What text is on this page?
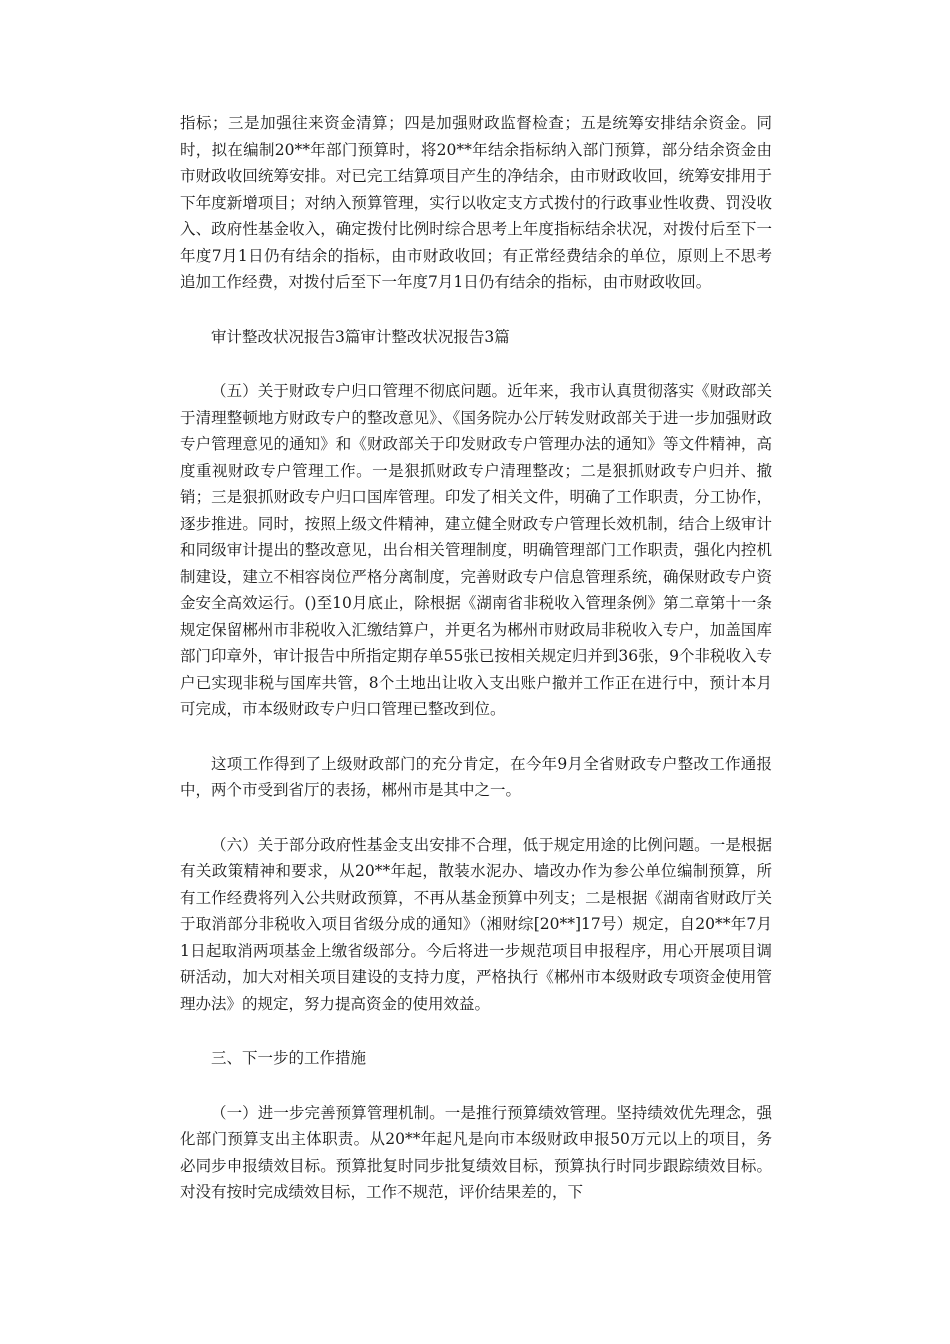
指标；三是加强往来资金清算；四是加强财政监督检查；五是统筹安排结余资金。同时，拟在编制20**年部门预算时，将20**年结余指标纳入部门预算，部分结余资金由市财政收回统筹安排。对已完工结算项目产生的净结余，由市财政收回，统筹安排用于下年度新增项目；对纳入预算管理，实行以收定支方式拨付的行政事业性收费、罚没收入、政府性基金收入，确定拨付比例时综合思考上年度指标结余状况，对拨付后至下一年度7月1日仍有结余的指标，由市财政收回；有正常经费结余的单位，原则上不思考追加工作经费，对拨付后至下一年度7月1日仍有结余的指标，由市财政收回。

审计整改状况报告3篇审计整改状况报告3篇

（五）关于财政专户归口管理不彻底问题。近年来，我市认真贯彻落实《财政部关于清理整顿地方财政专户的整改意见》、《国务院办公厅转发财政部关于进一步加强财政专户管理意见的通知》和《财政部关于印发财政专户管理办法的通知》等文件精神，高度重视财政专户管理工作。一是狠抓财政专户清理整改；二是狠抓财政专户归并、撤销；三是狠抓财政专户归口国库管理。印发了相关文件，明确了工作职责，分工协作，逐步推进。同时，按照上级文件精神，建立健全财政专户管理长效机制，结合上级审计和同级审计提出的整改意见，出台相关管理制度，明确管理部门工作职责，强化内控机制建设，建立不相容岗位严格分离制度，完善财政专户信息管理系统，确保财政专户资金安全高效运行。()至10月底止，除根据《湖南省非税收入管理条例》第二章第十一条规定保留郴州市非税收入汇缴结算户，并更名为郴州市财政局非税收入专户，加盖国库部门印章外，审计报告中所指定期存单55张已按相关规定归并到36张，9个非税收入专户已实现非税与国库共管，8个土地出让收入支出账户撤并工作正在进行中，预计本月可完成，市本级财政专户归口管理已整改到位。

这项工作得到了上级财政部门的充分肯定，在今年9月全省财政专户整改工作通报中，两个市受到省厅的表扬，郴州市是其中之一。

（六）关于部分政府性基金支出安排不合理，低于规定用途的比例问题。一是根据有关政策精神和要求，从20**年起，散装水泥办、墙改办作为参公单位编制预算，所有工作经费将列入公共财政预算，不再从基金预算中列支；二是根据《湖南省财政厅关于取消部分非税收入项目省级分成的通知》（湘财综[20**]17号）规定，自20**年7月1日起取消两项基金上缴省级部分。今后将进一步规范项目申报程序，用心开展项目调研活动，加大对相关项目建设的支持力度，严格执行《郴州市本级财政专项资金使用管理办法》的规定，努力提高资金的使用效益。

三、下一步的工作措施

（一）进一步完善预算管理机制。一是推行预算绩效管理。坚持绩效优先理念，强化部门预算支出主体职责。从20**年起凡是向市本级财政申报50万元以上的项目，务必同步申报绩效目标。预算批复时同步批复绩效目标，预算执行时同步跟踪绩效目标。对没有按时完成绩效目标，工作不规范，评价结果差的，下
